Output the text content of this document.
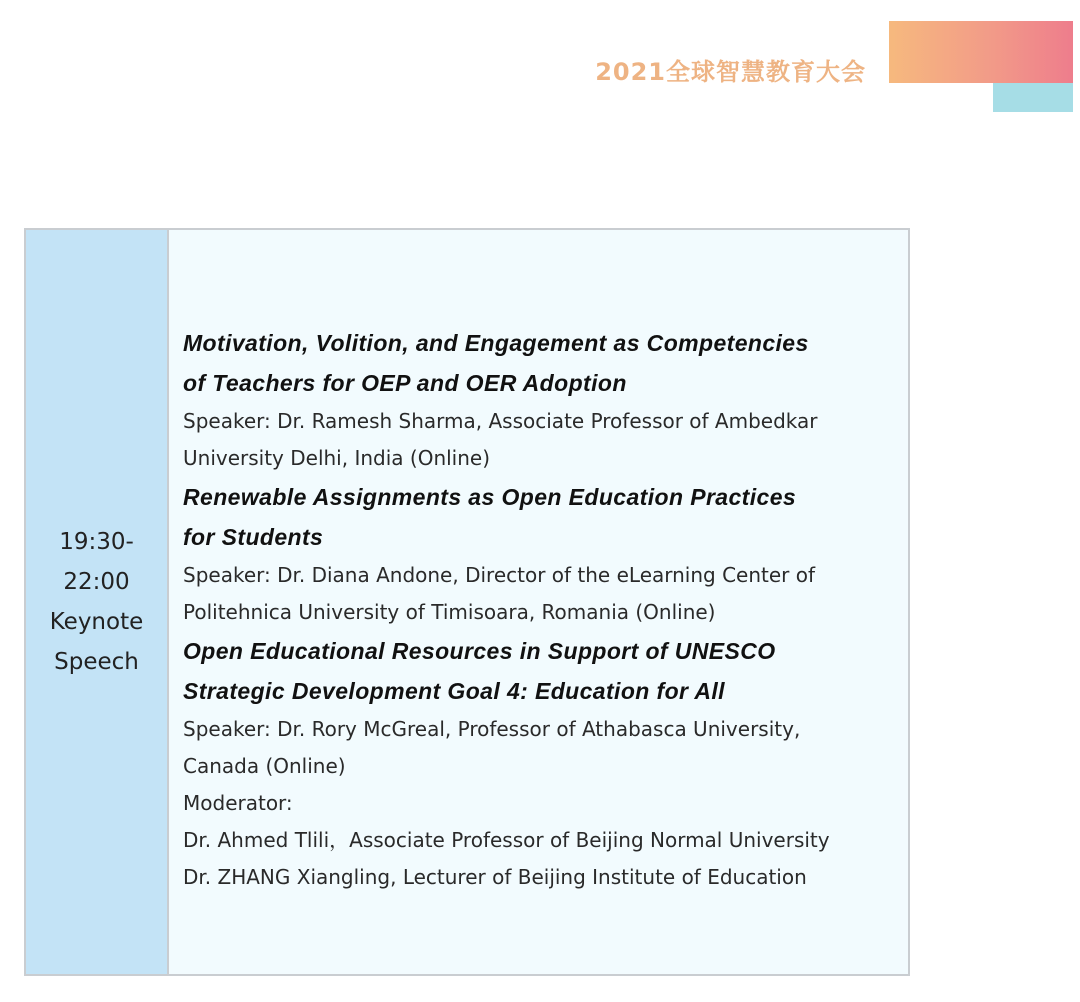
2021全球智慧教育大会
19:30-
22:00
Keynote
Speech
Motivation, Volition, and Engagement as Competencies
of Teachers for OEP and OER Adoption
Speaker: Dr. Ramesh Sharma, Associate Professor of Ambedkar
University Delhi, India (Online)
Renewable Assignments as Open Education Practices
for Students
Speaker: Dr. Diana Andone, Director of the eLearning Center of
Politehnica University of Timisoara, Romania (Online)
Open Educational Resources in Support of UNESCO
Strategic Development Goal 4: Education for All
Speaker: Dr. Rory McGreal, Professor of Athabasca University,
Canada (Online)
Moderator:
Dr. Ahmed Tlili，Associate Professor of Beijing Normal University
Dr. ZHANG Xiangling, Lecturer of Beijing Institute of Education
